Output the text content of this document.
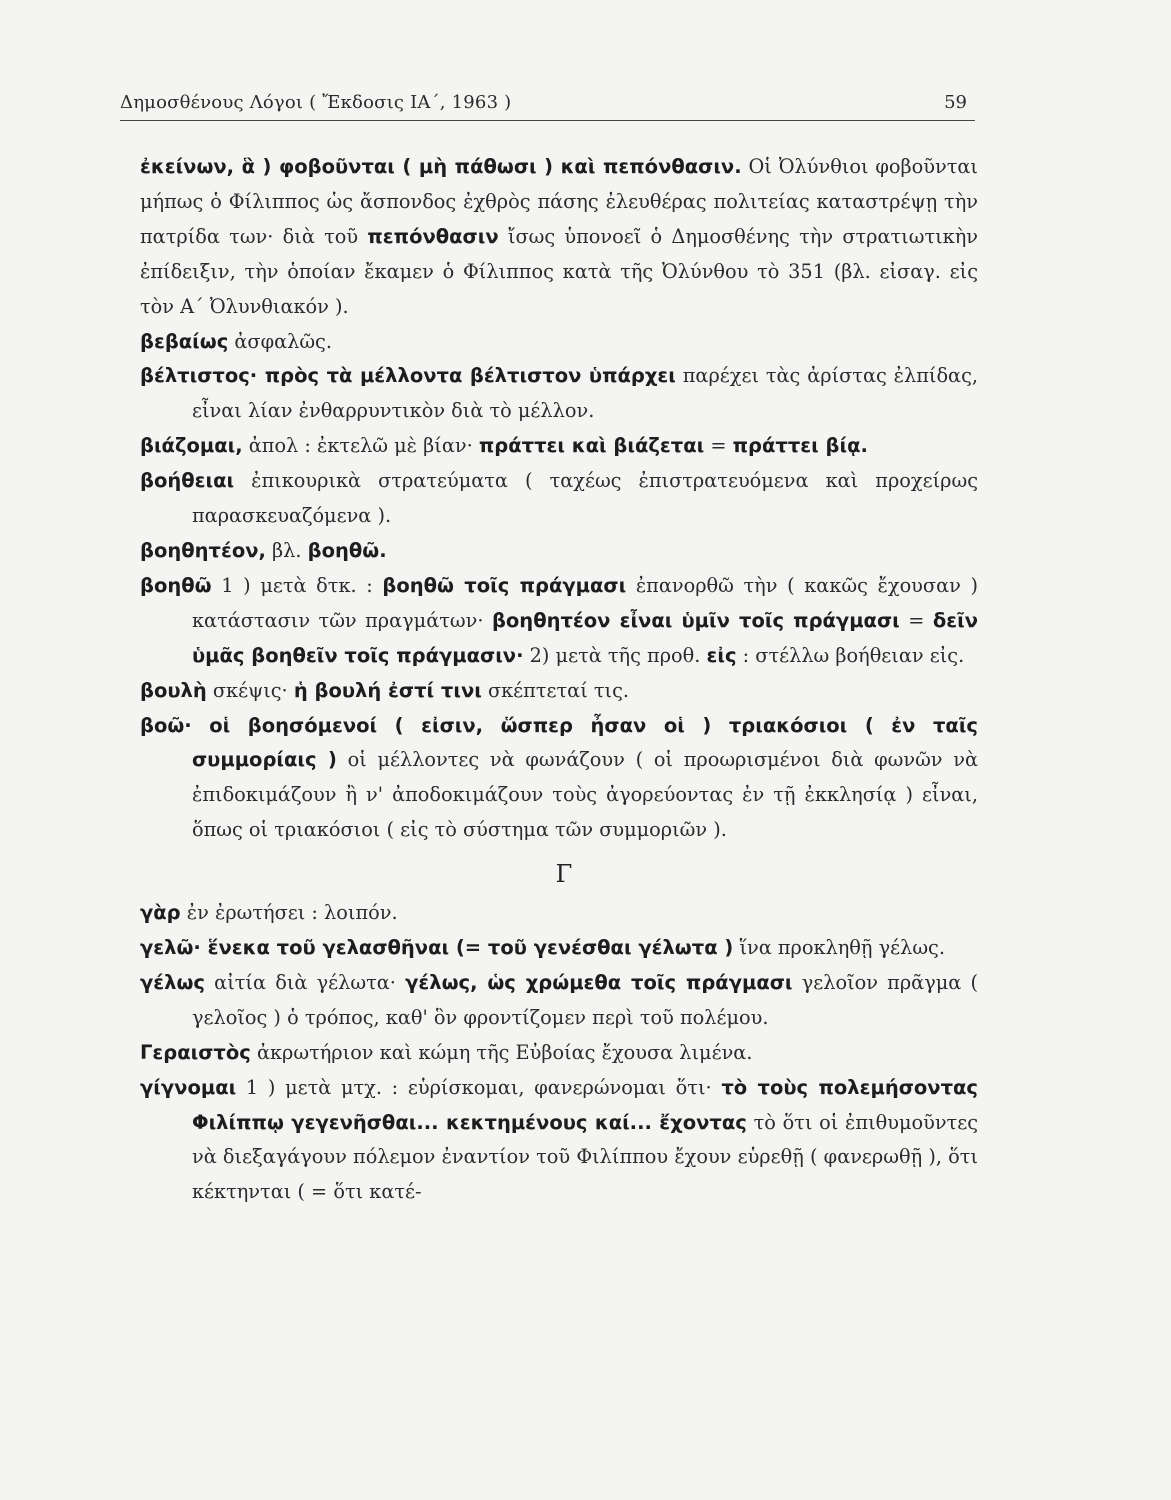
Δημοσθένους Λόγοι ( Ἔκδοσις ΙΑ΄, 1963 )	59

ἐκείνων, ἃ ) φοβοῦνται ( μὴ πάθωσι ) καὶ πεπόνθασιν. Οἱ Ὀλύνθιοι φοβοῦνται μήπως ὁ Φίλιππος ὡς ἄσπονδος ἐχθρὸς πάσης ἐλευθέρας πολιτείας καταστρέψῃ τὴν πατρίδα των· διὰ τοῦ πεπόνθασιν ἴσως ὑπονοεῖ ὁ Δημοσθένης τὴν στρατιωτικὴν ἐπίδειξιν, τὴν ὁποίαν ἔκαμεν ὁ Φίλιππος κατὰ τῆς Ὀλύνθου τὸ 351 (βλ. εἰσαγ. εἰς τὸν Α΄ Ὀλυνθιακόν ).

βεβαίως ἀσφαλῶς.

βέλτιστος· πρὸς τὰ μέλλοντα βέλτιστον ὑπάρχει παρέχει τὰς ἀρίστας ἐλπίδας, εἶναι λίαν ἐνθαρρυντικὸν διὰ τὸ μέλλον.

βιάζομαι, ἀπολ : ἐκτελῶ μὲ βίαν· πράττει καὶ βιάζεται = πράττει βίᾳ.

βοήθειαι ἐπικουρικὰ στρατεύματα ( ταχέως ἐπιστρατευόμενα καὶ προχείρως παρασκευαζόμενα ).

βοηθητέον, βλ. βοηθῶ.

βοηθῶ 1 ) μετὰ δτκ. : βοηθῶ τοῖς πράγμασι ἐπανορθῶ τὴν ( κακῶς ἔχουσαν ) κατάστασιν τῶν πραγμάτων· βοηθητέον εἶναι ὑμῖν τοῖς πράγμασι = δεῖν ὑμᾶς βοηθεῖν τοῖς πράγμασιν· 2) μετὰ τῆς προθ. εἰς : στέλλω βοήθειαν εἰς.

βουλὴ σκέψις· ἡ βουλή ἐστί τινι σκέπτεταί τις.

βοῶ· οἱ βοησόμενοί ( εἰσιν, ὥσπερ ἦσαν οἱ ) τριακόσιοι ( ἐν ταῖς συμμορίαις ) οἱ μέλλοντες νὰ φωνάζουν ( οἱ προωρισμένοι διὰ φωνῶν νὰ ἐπιδοκιμάζουν ἢ ν' ἀποδοκιμάζουν τοὺς ἀγορεύοντας ἐν τῇ ἐκκλησίᾳ ) εἶναι, ὅπως οἱ τριακόσιοι ( εἰς τὸ σύστημα τῶν συμμοριῶν ).

Γ

γὰρ ἐν ἐρωτήσει : λοιπόν.

γελῶ· ἕνεκα τοῦ γελασθῆναι (= τοῦ γενέσθαι γέλωτα ) ἵνα προκληθῇ γέλως.

γέλως αἰτία διὰ γέλωτα· γέλως, ὡς χρώμεθα τοῖς πράγμασι γελοῖον πρᾶγμα ( γελοῖος ) ὁ τρόπος, καθ' ὃν φροντίζομεν περὶ τοῦ πολέμου.

Γεραιστὸς ἀκρωτήριον καὶ κώμη τῆς Εὐβοίας ἔχουσα λιμένα.

γίγνομαι 1 ) μετὰ μτχ. : εὑρίσκομαι, φανερώνομαι ὅτι· τὸ τοὺς πολεμήσοντας Φιλίππῳ γεγενῆσθαι... κεκτημένους καί... ἔχοντας τὸ ὅτι οἱ ἐπιθυμοῦντες νὰ διεξαγάγουν πόλεμον ἐναντίον τοῦ Φιλίππου ἔχουν εὑρεθῇ ( φανερωθῇ ), ὅτι κέκτηνται ( = ὅτι κατέ-
